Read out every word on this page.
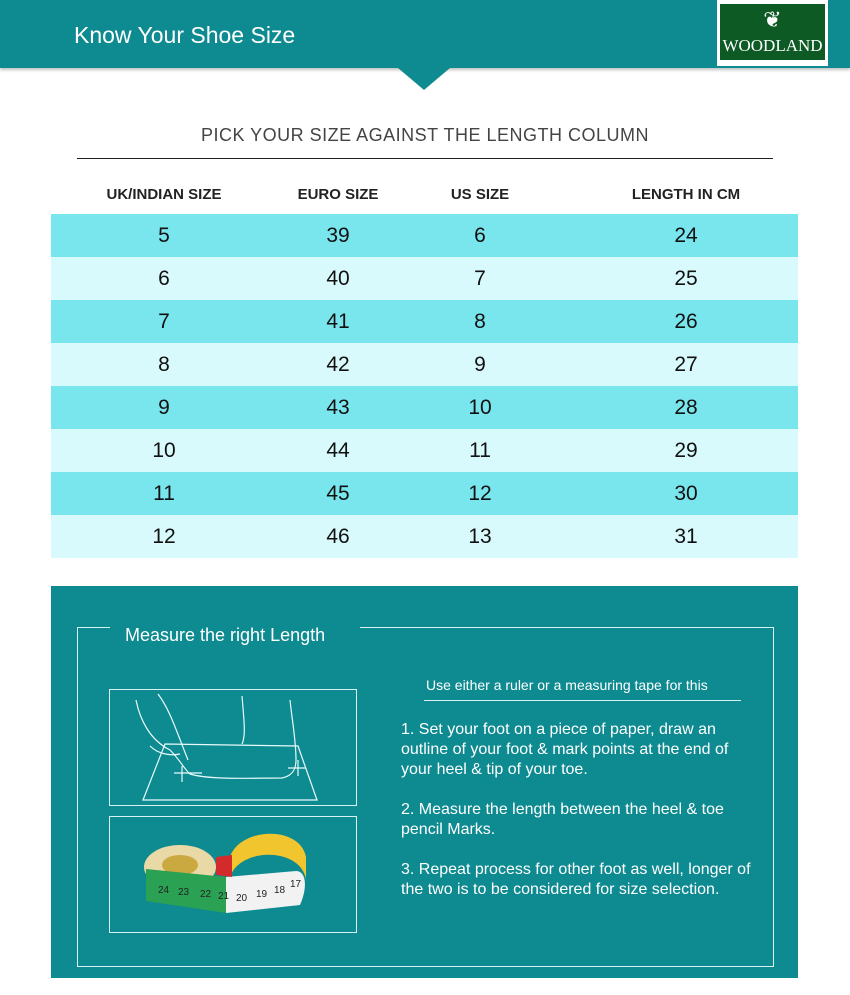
Know Your Shoe Size
❦
WOODLAND
PICK YOUR SIZE AGAINST THE LENGTH COLUMN
UK/INDIAN SIZE	EURO SIZE	US SIZE	LENGTH IN CM
5	39	6	24
6	40	7	25
7	41	8	26
8	42	9	27
9	43	10	28
10	44	11	29
11	45	12	30
12	46	13	31
Measure the right Length
24 23 22 21 20 19 18
17
Use either a ruler or a measuring tape for this
1. Set your foot on a piece of paper, draw an outline of your foot & mark points at the end of your heel & tip of your toe.
2. Measure the length between the heel & toe pencil Marks.
3. Repeat process for other foot as well, longer of the two is to be considered for size selection.
